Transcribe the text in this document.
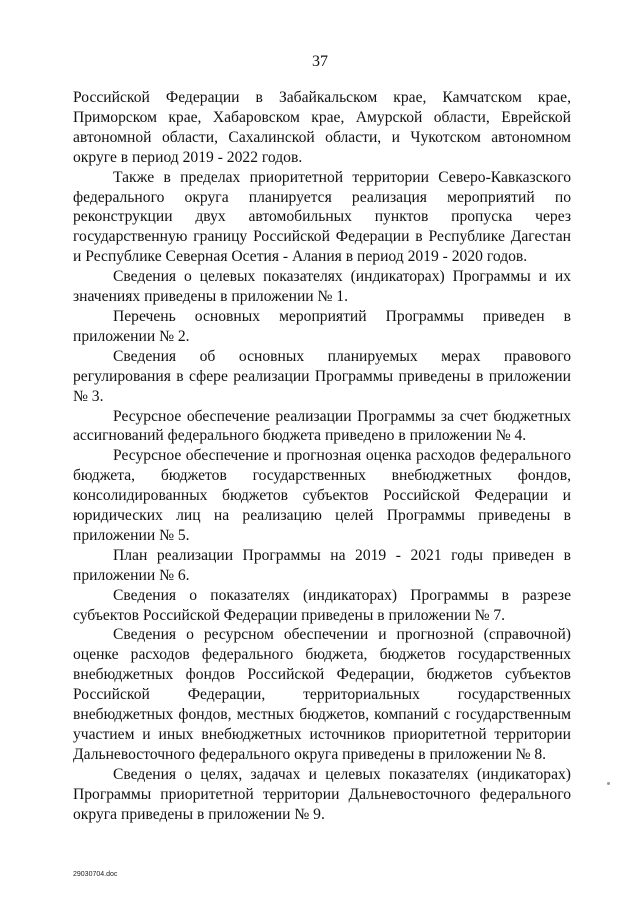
37

Российской Федерации в Забайкальском крае, Камчатском крае, Приморском крае, Хабаровском крае, Амурской области, Еврейской автономной области, Сахалинской области, и Чукотском автономном округе в период 2019 - 2022 годов.

Также в пределах приоритетной территории Северо-Кавказского федерального округа планируется реализация мероприятий по реконструкции двух автомобильных пунктов пропуска через государственную границу Российской Федерации в Республике Дагестан и Республике Северная Осетия - Алания в период 2019 - 2020 годов.

Сведения о целевых показателях (индикаторах) Программы и их значениях приведены в приложении № 1.

Перечень основных мероприятий Программы приведен в приложении № 2.

Сведения об основных планируемых мерах правового регулирования в сфере реализации Программы приведены в приложении № 3.

Ресурсное обеспечение реализации Программы за счет бюджетных ассигнований федерального бюджета приведено в приложении № 4.

Ресурсное обеспечение и прогнозная оценка расходов федерального бюджета, бюджетов государственных внебюджетных фондов, консолидированных бюджетов субъектов Российской Федерации и юридических лиц на реализацию целей Программы приведены в приложении № 5.

План реализации Программы на 2019 - 2021 годы приведен в приложении № 6.

Сведения о показателях (индикаторах) Программы в разрезе субъектов Российской Федерации приведены в приложении № 7.

Сведения о ресурсном обеспечении и прогнозной (справочной) оценке расходов федерального бюджета, бюджетов государственных внебюджетных фондов Российской Федерации, бюджетов субъектов Российской Федерации, территориальных государственных внебюджетных фондов, местных бюджетов, компаний с государственным участием и иных внебюджетных источников приоритетной территории Дальневосточного федерального округа приведены в приложении № 8.

Сведения о целях, задачах и целевых показателях (индикаторах) Программы приоритетной территории Дальневосточного федерального округа приведены в приложении № 9.

29030704.doc
